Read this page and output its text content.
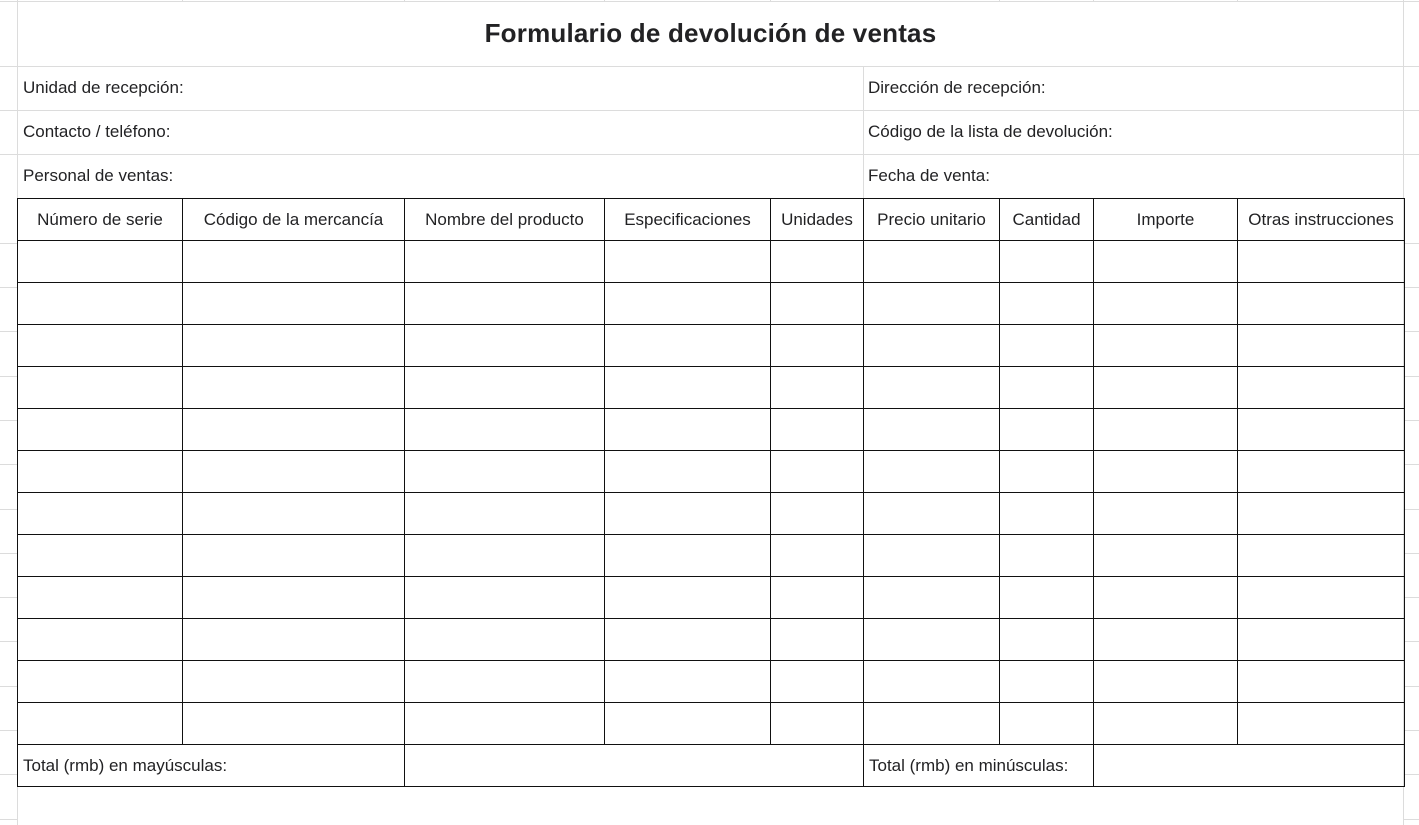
Formulario de devolución de ventas
Unidad de recepción:	Dirección de recepción:
Contacto / teléfono:	Código de la lista de devolución:
Personal de ventas:	Fecha de venta:
Número de serie	Código de la mercancía	Nombre del producto	Especificaciones	Unidades	Precio unitario	Cantidad	Importe	Otras instrucciones

Total (rmb) en mayúsculas:					Total (rmb) en minúsculas:			
